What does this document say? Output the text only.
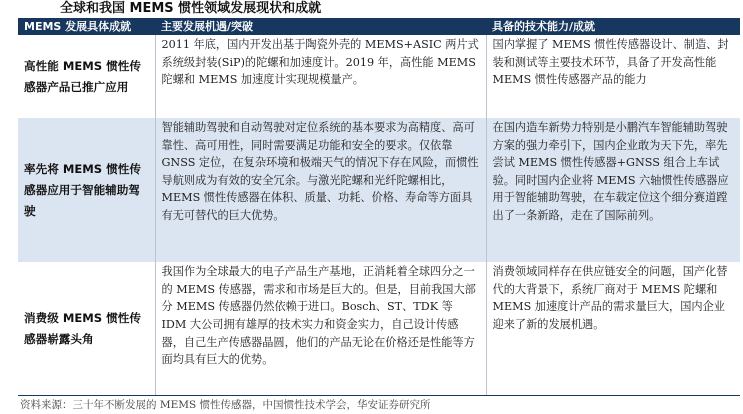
全球和我国 MEMS 惯性领域发展现状和成就
MEMS 发展具体成就	主要发展机遇/突破	具备的技术能力/成就
高性能 MEMS 惯性传感器产品已推广应用	2011 年底，国内开发出基于陶瓷外壳的 MEMS+ASIC 两片式系统级封装(SiP)的陀螺和加速度计。2019 年，高性能 MEMS 陀螺和 MEMS 加速度计实现规模量产。	国内掌握了 MEMS 惯性传感器设计、制造、封装和测试等主要技术环节，具备了开发高性能 MEMS 惯性传感器产品的能力
率先将 MEMS 惯性传感器应用于智能辅助驾驶	智能辅助驾驶和自动驾驶对定位系统的基本要求为高精度、高可靠性、高可用性，同时需要满足功能和安全的要求。仅依靠 GNSS 定位，在复杂环境和极端天气的情况下存在风险，而惯性导航则成为有效的安全冗余。与激光陀螺和光纤陀螺相比，MEMS 惯性传感器在体积、质量、功耗、价格、寿命等方面具有无可替代的巨大优势。	在国内造车新势力特别是小鹏汽车智能辅助驾驶方案的强力牵引下，国内企业敢为天下先，率先尝试 MEMS 惯性传感器+GNSS 组合上车试验。同时国内企业将 MEMS 六轴惯性传感器应用于智能辅助驾驶，在车载定位这个细分赛道蹚出了一条新路，走在了国际前列。
消费级 MEMS 惯性传感器崭露头角	我国作为全球最大的电子产品生产基地，正消耗着全球四分之一的 MEMS 传感器，需求和市场是巨大的。但是，目前我国大部分 MEMS 传感器仍然依赖于进口。Bosch、ST、TDK 等 IDM 大公司拥有雄厚的技术实力和资金实力，自己设计传感器，自己生产传感器晶圆，他们的产品无论在价格还是性能等方面均具有巨大的优势。	消费领域同样存在供应链安全的问题，国产化替代的大背景下，系统厂商对于 MEMS 陀螺和 MEMS 加速度计产品的需求量巨大，国内企业迎来了新的发展机遇。
资料来源：三十年不断发展的 MEMS 惯性传感器，中国惯性技术学会，华安证券研究所
